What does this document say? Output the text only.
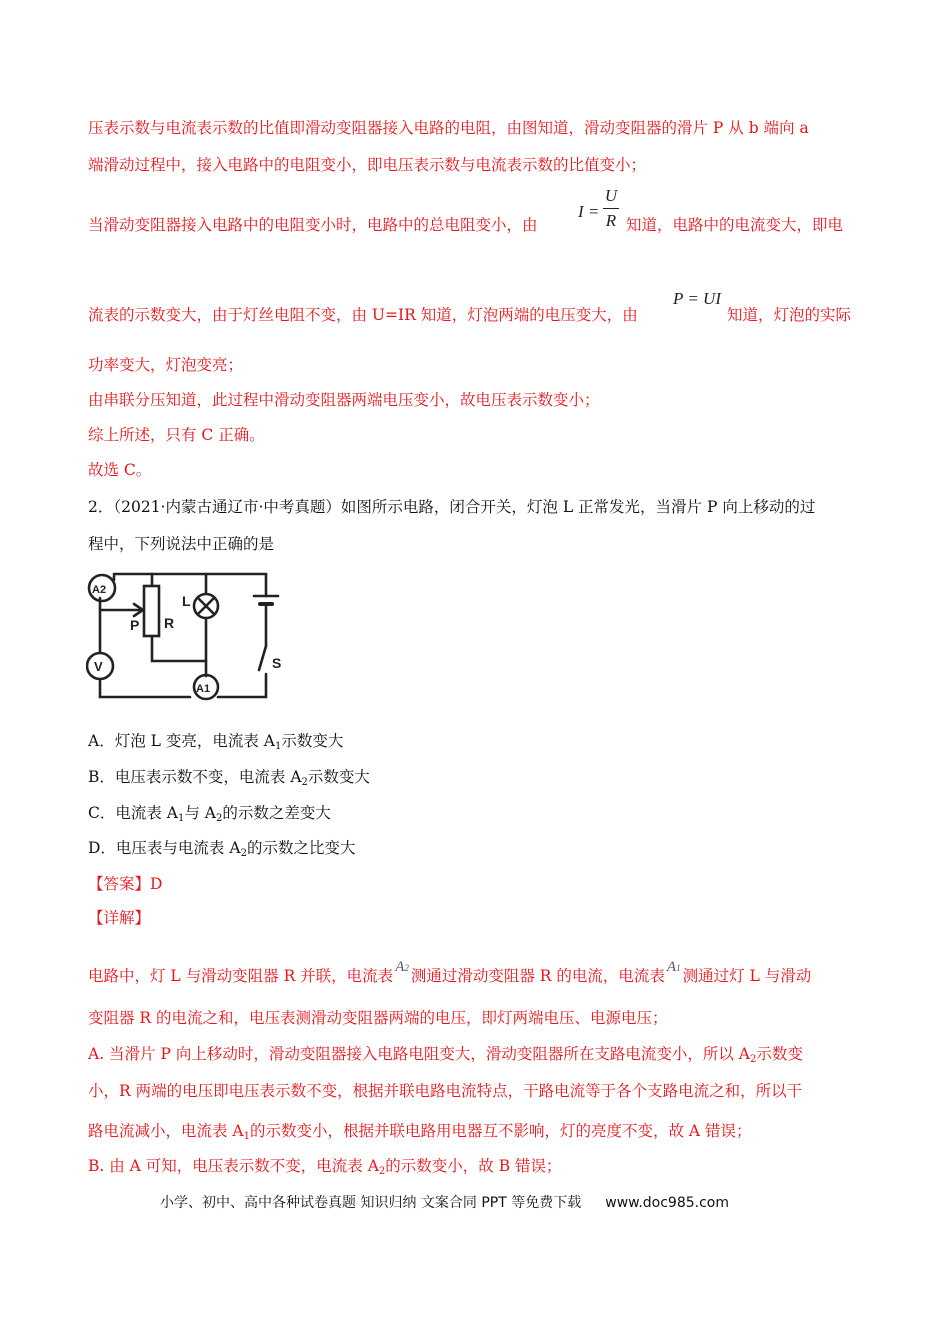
压表示数与电流表示数的比值即滑动变阻器接入电路的电阻，由图知道，滑动变阻器的滑片 P 从 b 端向 a
端滑动过程中，接入电路中的电阻变小，即电压表示数与电流表示数的比值变小；
当滑动变阻器接入电路中的电阻变小时，电路中的总电阻变小，由
I =
U
R 知道，电路中的电流变大，即电
流表的示数变大，由于灯丝电阻不变，由 U=IR 知道，灯泡两端的电压变大，由
P = UI
知道，灯泡的实际
功率变大，灯泡变亮；
由串联分压知道，此过程中滑动变阻器两端电压变小，故电压表示数变小；
综上所述，只有 C 正确。
故选 C。
2．（2021·内蒙古通辽市·中考真题）如图所示电路，闭合开关，灯泡 L 正常发光，当滑片 P 向上移动的过
程中，下列说法中正确的是
A2
V
A1
P R
L
S
A．灯泡 L 变亮，电流表 $A_1$示数变大
B．电压表示数不变，电流表 $A_2$示数变大
C．电流表 $A_1$与 $A_2$的示数之差变大
D．电压表与电流表 $A_2$的示数之比变大
【答案】D
【详解】
电路中，灯 L 与滑动变阻器 R 并联，电流表 A2 测通过滑动变阻器 R 的电流，电流表 A1 测通过灯 L 与滑动
变阻器 R 的电流之和，电压表测滑动变阻器两端的电压，即灯两端电压、电源电压；
A. 当滑片 P 向上移动时，滑动变阻器接入电路电阻变大，滑动变阻器所在支路电流变小，所以 $A_2$示数变
小，R 两端的电压即电压表示数不变，根据并联电路电流特点，干路电流等于各个支路电流之和，所以干
路电流减小，电流表 $A_1$的示数变小，根据并联电路用电器互不影响，灯的亮度不变，故 A 错误；
B. 由 A 可知，电压表示数不变，电流表 $A_2$的示数变小，故 B 错误；
小学、初中、高中各种试卷真题 知识归纳 文案合同 PPT 等免费下载 www.doc985.com
